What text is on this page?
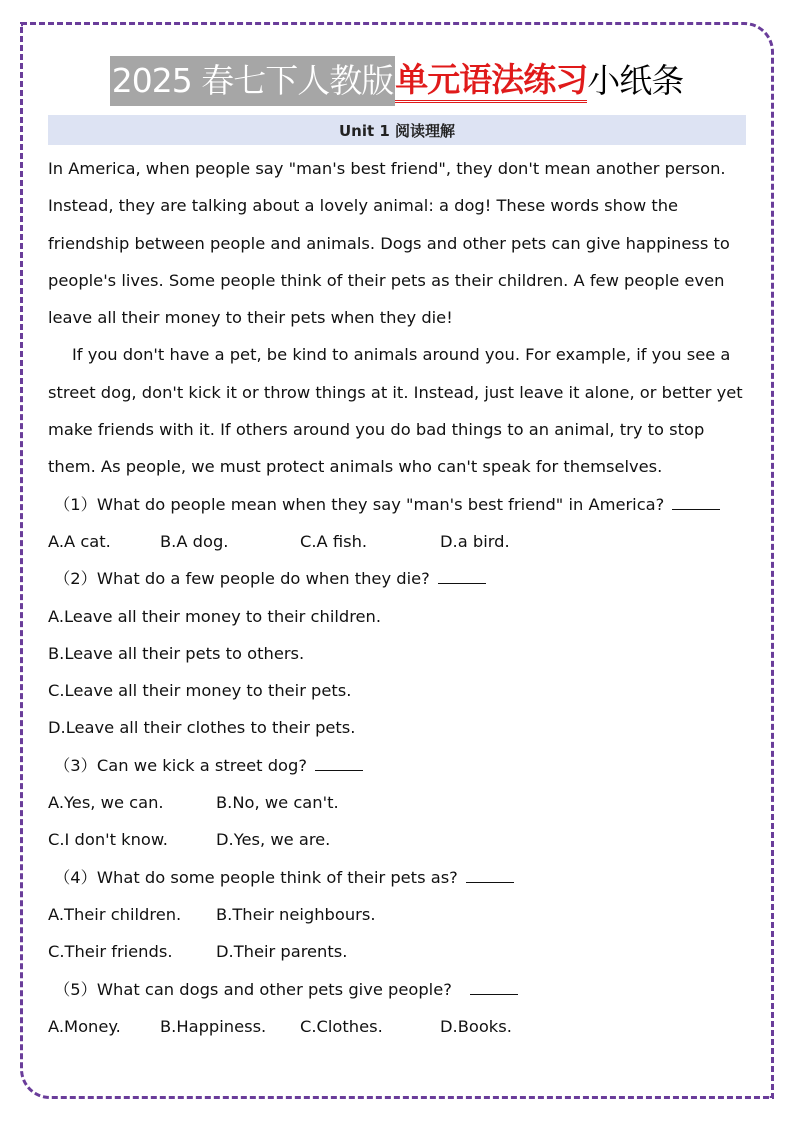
2025 春七下人教版 单元语法练习 小纸条
Unit 1 阅读理解

In America, when people say "man's best friend", they don't mean another person.

Instead, they are talking about a lovely animal: a dog! These words show the

friendship between people and animals. Dogs and other pets can give happiness to

people's lives. Some people think of their pets as their children. A few people even

leave all their money to their pets when they die!

If you don't have a pet, be kind to animals around you. For example, if you see a

street dog, don't kick it or throw things at it. Instead, just leave it alone, or better yet

make friends with it. If others around you do bad things to an animal, try to stop

them. As people, we must protect animals who can't speak for themselves.

（1）What do people mean when they say "man's best friend" in America?

A.A cat.	B.A dog.	C.A fish.	D.a bird.

（2）What do a few people do when they die?

A.Leave all their money to their children.

B.Leave all their pets to others.

C.Leave all their money to their pets.

D.Leave all their clothes to their pets.

（3）Can we kick a street dog?

A.Yes, we can.	B.No, we can't.
C.I don't know.	D.Yes, we are.

（4）What do some people think of their pets as?

A.Their children.	B.Their neighbours.
C.Their friends.	D.Their parents.

（5）What can dogs and other pets give people?

A.Money.	B.Happiness.	C.Clothes.	D.Books.
